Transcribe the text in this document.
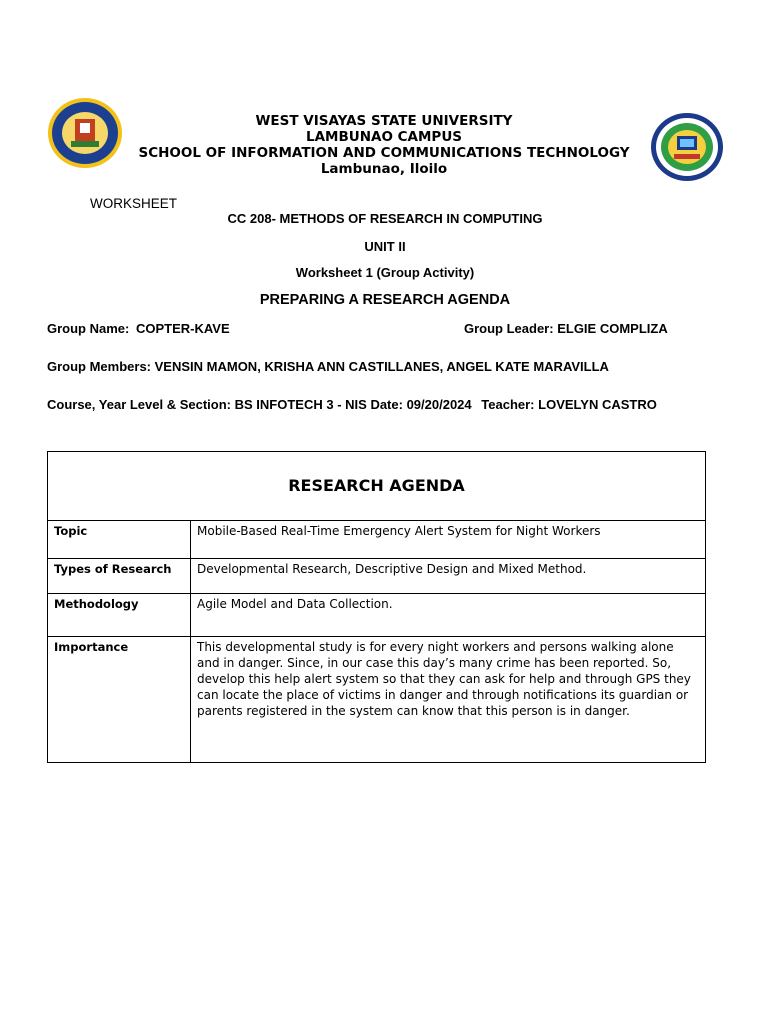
WEST VISAYAS STATE UNIVERSITY
LAMBUNAO CAMPUS
SCHOOL OF INFORMATION AND COMMUNICATIONS TECHNOLOGY
Lambunao, Iloilo
WORKSHEET
CC 208- METHODS OF RESEARCH IN COMPUTING
UNIT II
Worksheet 1 (Group Activity)
PREPARING A RESEARCH AGENDA
Group Name: COPTER-KAVE	Group Leader: ELGIE COMPLIZA
Group Members: VENSIN MAMON, KRISHA ANN CASTILLANES, ANGEL KATE MARAVILLA
Course, Year Level & Section: BS INFOTECH 3 - NIS Date: 09/20/2024 Teacher: LOVELYN CASTRO
RESEARCH AGENDA	
Topic	Mobile-Based Real-Time Emergency Alert System for Night Workers
Types of Research	Developmental Research, Descriptive Design and Mixed Method.
Methodology	Agile Model and Data Collection.
Importance	This developmental study is for every night workers and persons walking alone and in danger. Since, in our case this day’s many crime has been reported. So, develop this help alert system so that they can ask for help and through GPS they can locate the place of victims in danger and through notifications its guardian or parents registered in the system can know that this person is in danger.
